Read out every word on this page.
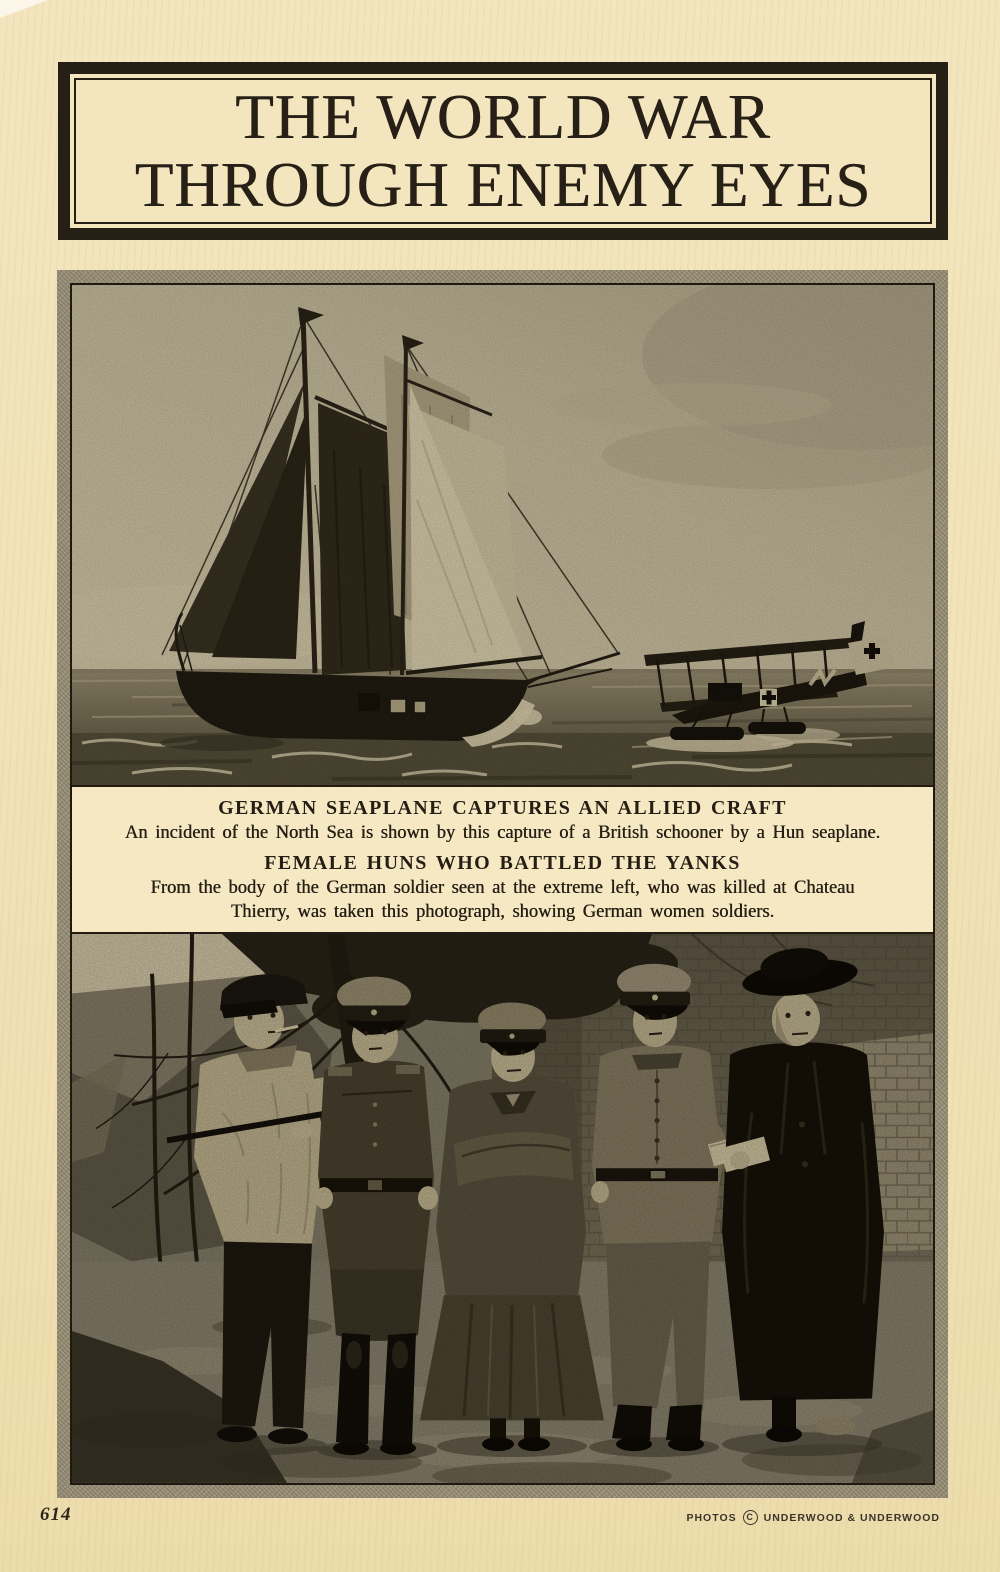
THE WORLD WAR
THROUGH ENEMY EYES
GERMAN SEAPLANE CAPTURES AN ALLIED CRAFT
An incident of the North Sea is shown by this capture of a British schooner by a Hun seaplane.
FEMALE HUNS WHO BATTLED THE YANKS
From the body of the German soldier seen at the extreme left, who was killed at Chateau
Thierry, was taken this photograph, showing German women soldiers.
614	PHOTOS	C UNDERWOOD & UNDERWOOD
